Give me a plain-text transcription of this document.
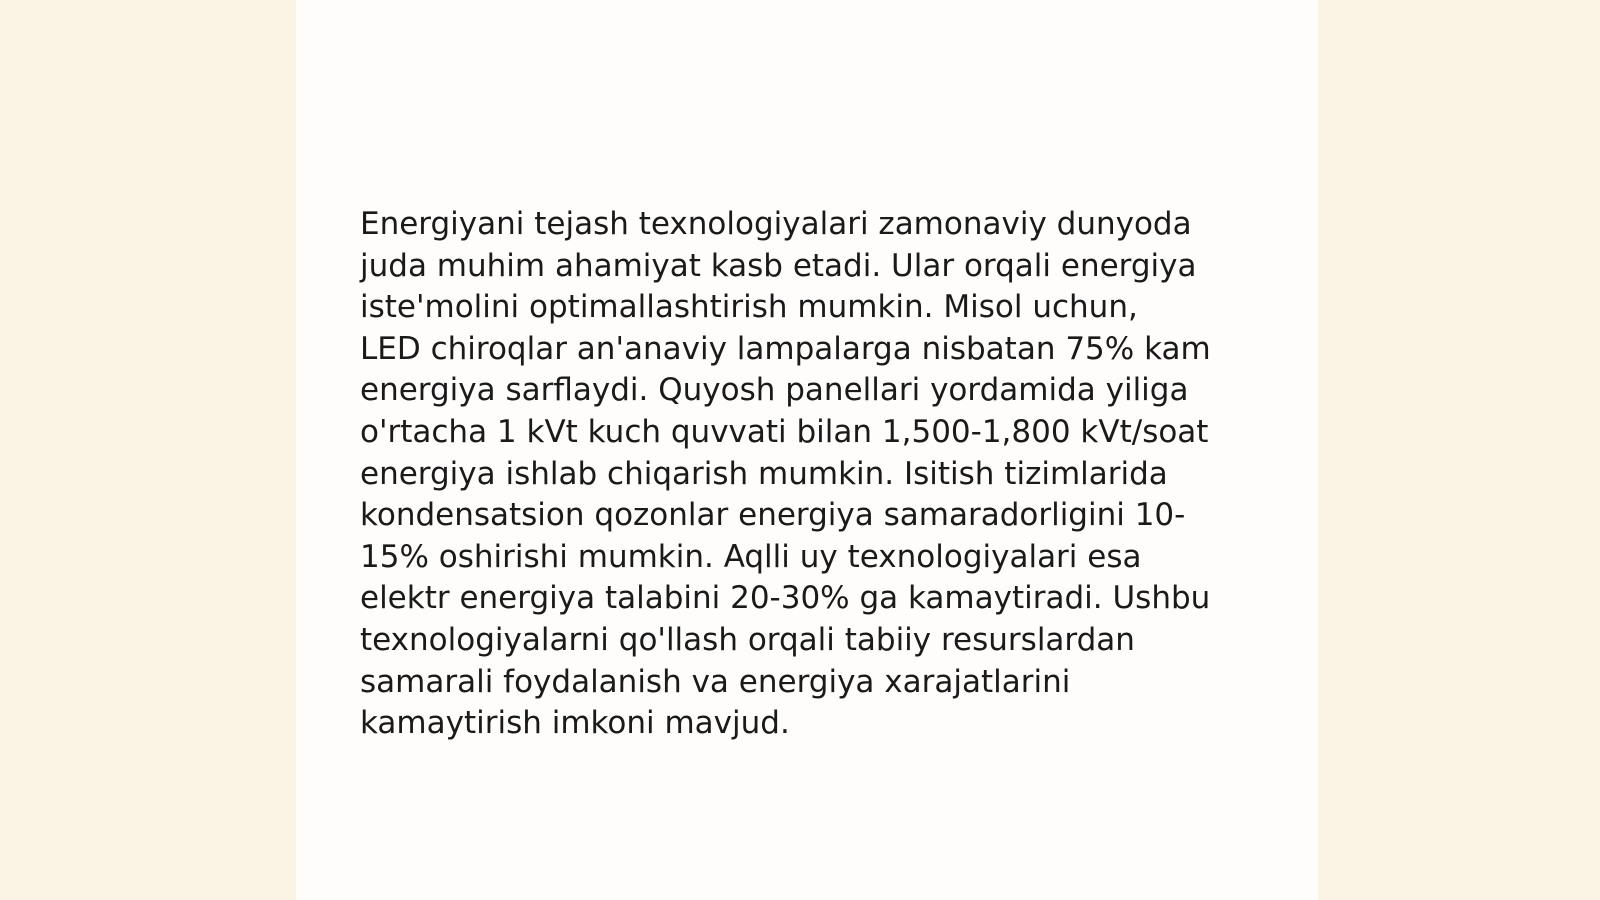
Energiyani tejash texnologiyalari zamonaviy dunyoda
juda muhim ahamiyat kasb etadi. Ular orqali energiya
iste'molini optimallashtirish mumkin. Misol uchun,
LED chiroqlar an'anaviy lampalarga nisbatan 75% kam
energiya sarflaydi. Quyosh panellari yordamida yiliga
o'rtacha 1 kVt kuch quvvati bilan 1,500-1,800 kVt/soat
energiya ishlab chiqarish mumkin. Isitish tizimlarida
kondensatsion qozonlar energiya samaradorligini 10-
15% oshirishi mumkin. Aqlli uy texnologiyalari esa
elektr energiya talabini 20-30% ga kamaytiradi. Ushbu
texnologiyalarni qo'llash orqali tabiiy resurslardan
samarali foydalanish va energiya xarajatlarini
kamaytirish imkoni mavjud.
